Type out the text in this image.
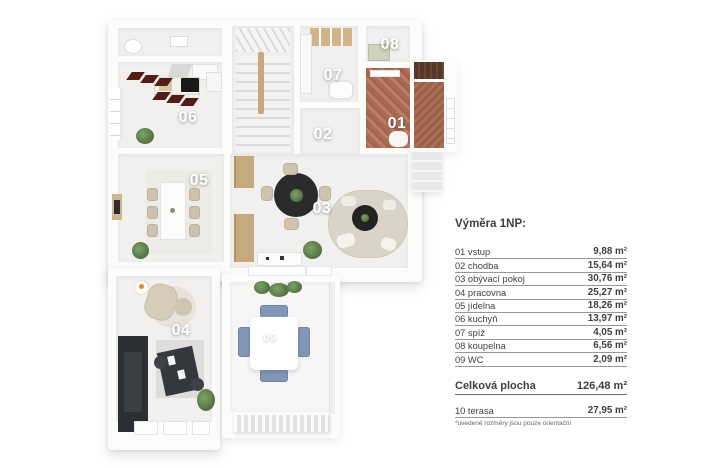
06
07
08
01
02
05
03
04	09
Výměra 1NP:
01 vstup	9,88 m²
02 chodba	15,64 m²
03 obývací pokoj	30,76 m²
04 pracovna	25,27 m²
05 jídelna	18,26 m²
06 kuchyň	13,97 m²
07 spíž	4,05 m²
08 koupelna	6,56 m²
09 WC	2,09 m²
Celková plocha	126,48 m²
10 terasa	27,95 m²
*uvedené rozměry jsou pouze orientační
